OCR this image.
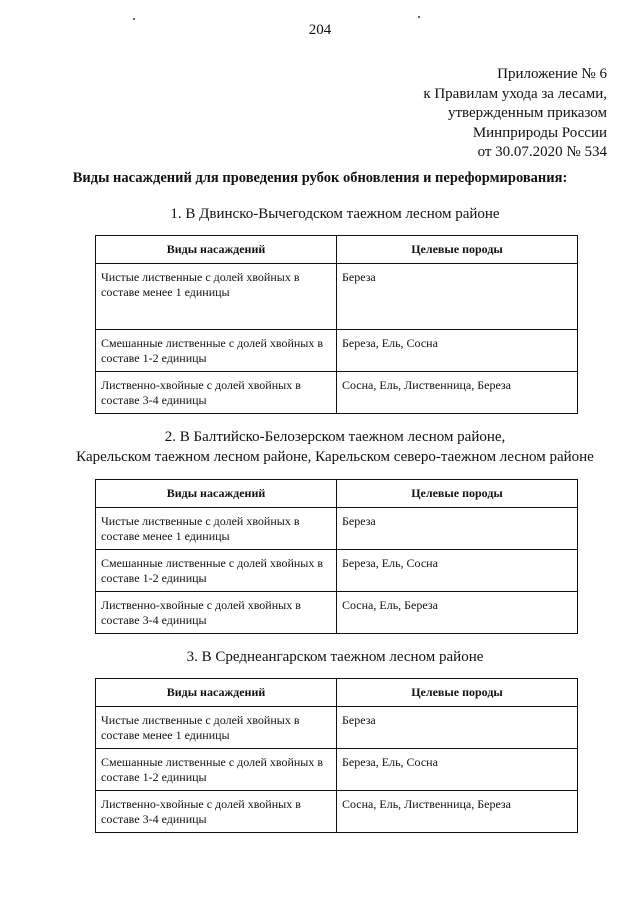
204
Приложение № 6
к Правилам ухода за лесами,
утвержденным приказом
Минприроды России
от 30.07.2020 № 534
Виды насаждений для проведения рубок обновления и переформирования:
1. В Двинско-Вычегодском таежном лесном районе
Виды насаждений	Целевые породы
Чистые лиственные с долей хвойных в составе менее 1 единицы	Береза
Смешанные лиственные с долей хвойных в составе 1-2 единицы	Береза, Ель, Сосна
Лиственно-хвойные с долей хвойных в составе 3-4 единицы	Сосна, Ель, Лиственница, Береза
2. В Балтийско-Белозерском таежном лесном районе,
Карельском таежном лесном районе, Карельском северо-таежном лесном районе
Виды насаждений	Целевые породы
Чистые лиственные с долей хвойных в составе менее 1 единицы	Береза
Смешанные лиственные с долей хвойных в составе 1-2 единицы	Береза, Ель, Сосна
Лиственно-хвойные с долей хвойных в составе 3-4 единицы	Сосна, Ель, Береза
3. В Среднеангарском таежном лесном районе
Виды насаждений	Целевые породы
Чистые лиственные с долей хвойных в составе менее 1 единицы	Береза
Смешанные лиственные с долей хвойных в составе 1-2 единицы	Береза, Ель, Сосна
Лиственно-хвойные с долей хвойных в составе 3-4 единицы	Сосна, Ель, Лиственница, Береза
